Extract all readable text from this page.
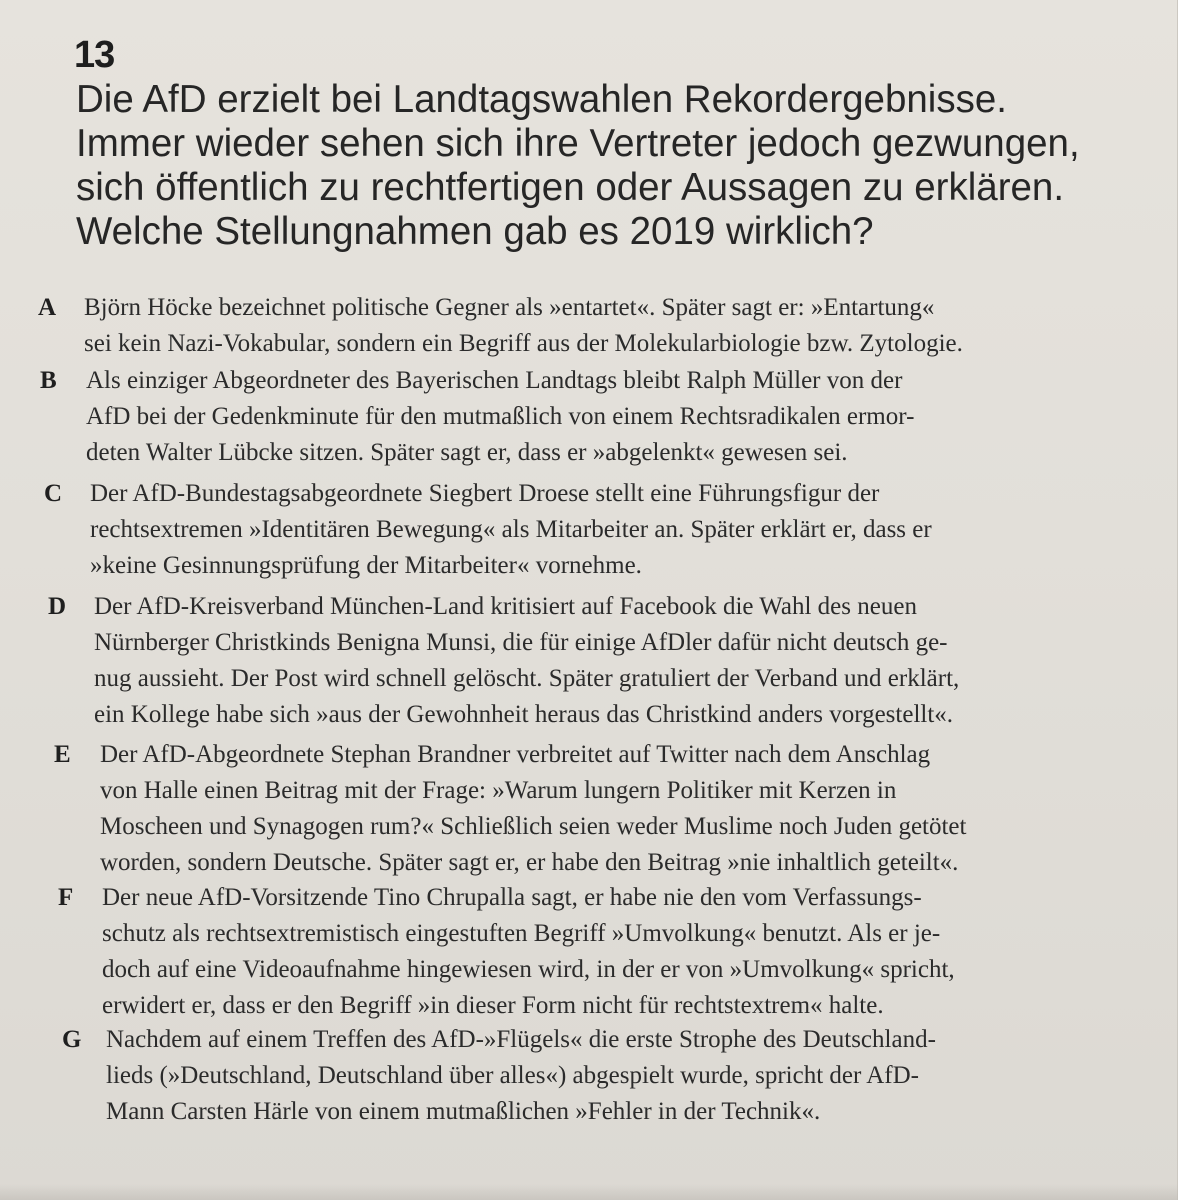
13
Die AfD erzielt bei Landtagswahlen Rekordergebnisse.
Immer wieder sehen sich ihre Vertreter jedoch gezwungen,
sich öffentlich zu rechtfertigen oder Aussagen zu erklären.
Welche Stellungnahmen gab es 2019 wirklich?
A Björn Höcke bezeichnet politische Gegner als »entartet«. Später sagt er: »Entartung«
sei kein Nazi-Vokabular, sondern ein Begriff aus der Molekularbiologie bzw. Zytologie.
B Als einziger Abgeordneter des Bayerischen Landtags bleibt Ralph Müller von der
AfD bei der Gedenkminute für den mutmaßlich von einem Rechtsradikalen ermor-
deten Walter Lübcke sitzen. Später sagt er, dass er »abgelenkt« gewesen sei.
C Der AfD-Bundestagsabgeordnete Siegbert Droese stellt eine Führungsfigur der
rechtsextremen »Identitären Bewegung« als Mitarbeiter an. Später erklärt er, dass er
»keine Gesinnungsprüfung der Mitarbeiter« vornehme.
D Der AfD-Kreisverband München-Land kritisiert auf Facebook die Wahl des neuen
Nürnberger Christkinds Benigna Munsi, die für einige AfDler dafür nicht deutsch ge-
nug aussieht. Der Post wird schnell gelöscht. Später gratuliert der Verband und erklärt,
ein Kollege habe sich »aus der Gewohnheit heraus das Christkind anders vorgestellt«.
E Der AfD-Abgeordnete Stephan Brandner verbreitet auf Twitter nach dem Anschlag
von Halle einen Beitrag mit der Frage: »Warum lungern Politiker mit Kerzen in
Moscheen und Synagogen rum?« Schließlich seien weder Muslime noch Juden getötet
worden, sondern Deutsche. Später sagt er, er habe den Beitrag »nie inhaltlich geteilt«.
F Der neue AfD-Vorsitzende Tino Chrupalla sagt, er habe nie den vom Verfassungs-
schutz als rechtsextremistisch eingestuften Begriff »Umvolkung« benutzt. Als er je-
doch auf eine Videoaufnahme hingewiesen wird, in der er von »Umvolkung« spricht,
erwidert er, dass er den Begriff »in dieser Form nicht für rechtstextrem« halte.
G Nachdem auf einem Treffen des AfD-»Flügels« die erste Strophe des Deutschland-
lieds (»Deutschland, Deutschland über alles«) abgespielt wurde, spricht der AfD-
Mann Carsten Härle von einem mutmaßlichen »Fehler in der Technik«.
